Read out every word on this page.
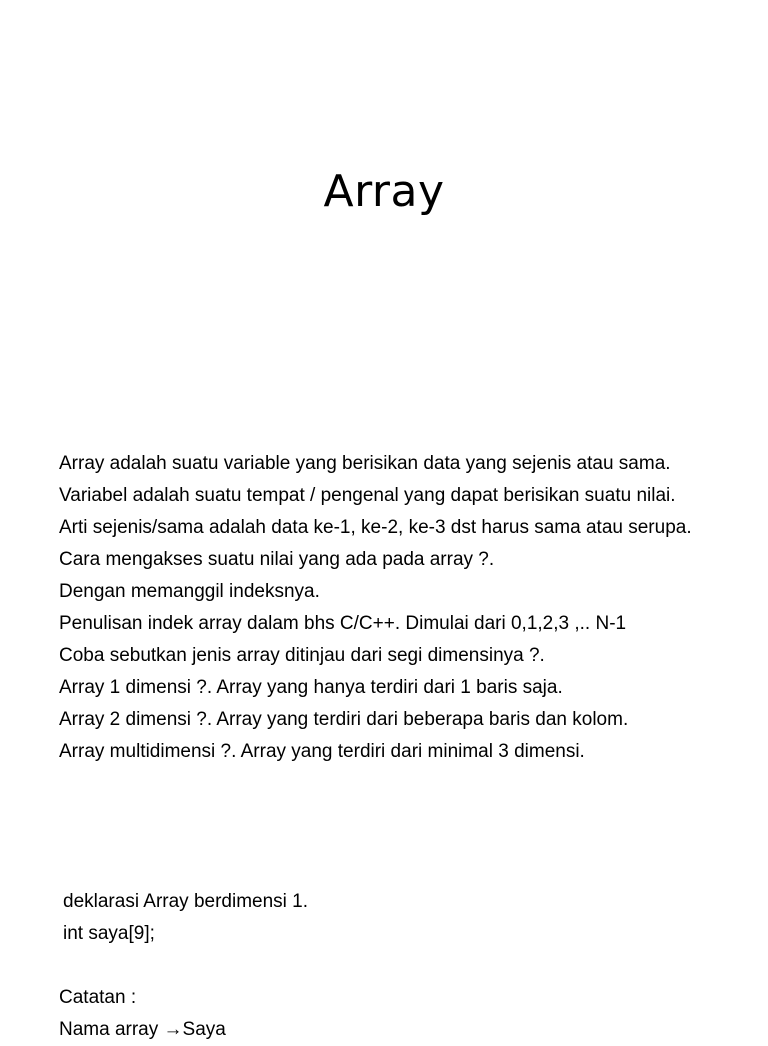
Array

Array adalah suatu variable yang berisikan data yang sejenis atau sama.

Variabel adalah suatu tempat / pengenal yang dapat berisikan suatu nilai.

Arti sejenis/sama adalah data ke-1, ke-2, ke-3 dst harus sama atau serupa.

Cara mengakses suatu nilai yang ada pada array ?.

Dengan memanggil indeksnya.

Penulisan indek array dalam bhs C/C++. Dimulai dari 0,1,2,3 ,.. N-1

Coba sebutkan jenis array ditinjau dari segi dimensinya ?.

Array 1 dimensi ?. Array yang hanya terdiri dari 1 baris saja.

Array 2 dimensi ?. Array yang terdiri dari beberapa baris dan kolom.

Array multidimensi ?. Array yang terdiri dari minimal 3 dimensi.

deklarasi Array berdimensi 1.
int saya[9];
Catatan :
Nama array →Saya
